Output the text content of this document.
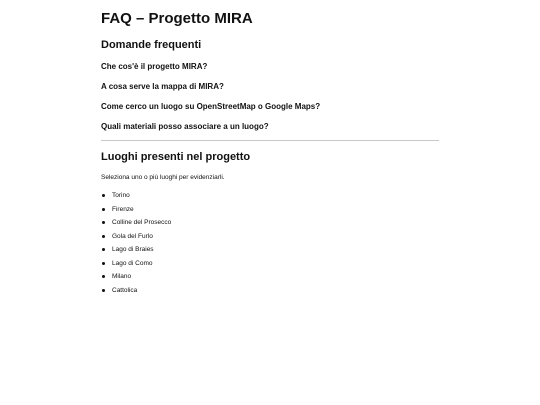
FAQ – Progetto MIRA
Domande frequenti
Che cos'è il progetto MIRA?
A cosa serve la mappa di MIRA?
Come cerco un luogo su OpenStreetMap o Google Maps?
Quali materiali posso associare a un luogo?
Luoghi presenti nel progetto
Seleziona uno o più luoghi per evidenziarli.
Torino
Firenze
Colline del Prosecco
Gola del Furlo
Lago di Braies
Lago di Como
Milano
Cattolica
